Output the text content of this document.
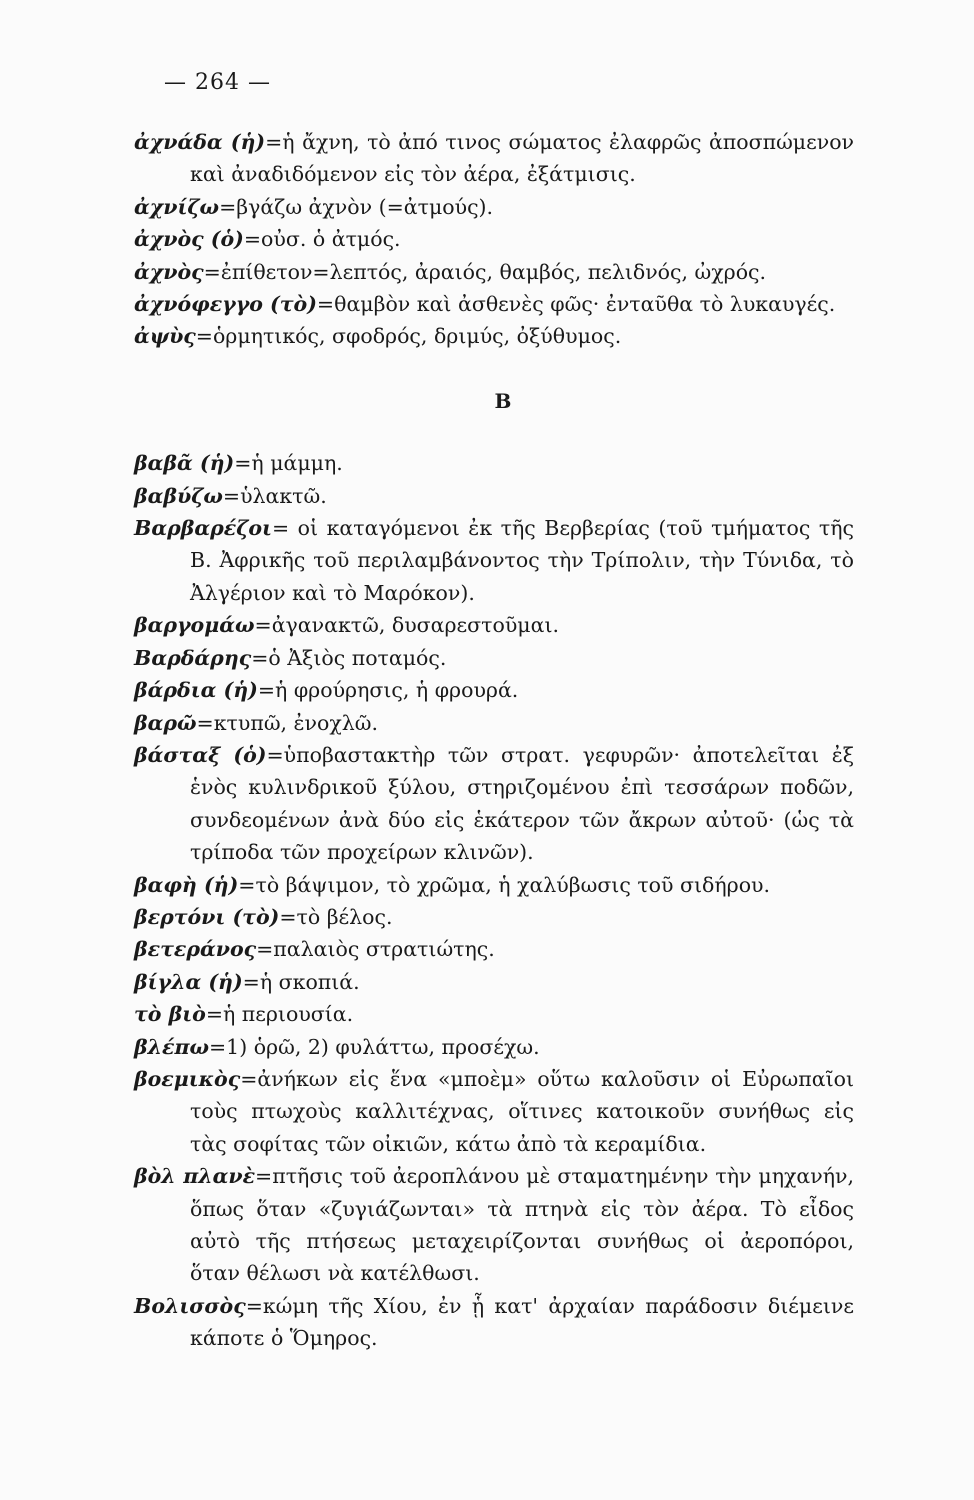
— 264 —
ἀχνάδα (ἡ)=ἡ ἄχνη, τὸ ἀπό τινος σώματος ἐλαφρῶς ἀποσπώμενον καὶ ἀναδιδόμενον εἰς τὸν ἀέρα, ἐξάτμισις.
ἀχνίζω=βγάζω ἀχνὸν (=ἀτμούς).
ἀχνὸς (ὁ)=οὐσ. ὁ ἀτμός.
ἀχνὸς=ἐπίθετον=λεπτός, ἀραιός, θαμβός, πελιδνός, ὠχρός.
ἀχνόφεγγο (τὸ)=θαμβὸν καὶ ἀσθενὲς φῶς· ἐνταῦθα τὸ λυκαυγές.
ἀψὺς=ὁρμητικός, σφοδρός, δριμύς, ὀξύθυμος.
B
βαβᾶ (ἡ)=ἡ μάμμη.
βαβύζω=ὑλακτῶ.
Βαρβαρέζοι= οἱ καταγόμενοι ἐκ τῆς Βερβερίας (τοῦ τμήματος τῆς Β. Ἀφρικῆς τοῦ περιλαμβάνοντος τὴν Τρίπολιν, τὴν Τύνιδα, τὸ Ἀλγέριον καὶ τὸ Μαρόκον).
βαργομάω=ἀγανακτῶ, δυσαρεστοῦμαι.
Βαρδάρης=ὁ Ἀξιὸς ποταμός.
βάρδια (ἡ)=ἡ φρούρησις, ἡ φρουρά.
βαρῶ=κτυπῶ, ἐνοχλῶ.
βάσταξ (ὁ)=ὑποβαστακτὴρ τῶν στρατ. γεφυρῶν· ἀποτελεῖται ἐξ ἑνὸς κυλινδρικοῦ ξύλου, στηριζομένου ἐπὶ τεσσάρων ποδῶν, συνδεομένων ἀνὰ δύο εἰς ἑκάτερον τῶν ἄκρων αὐτοῦ· (ὡς τὰ τρίποδα τῶν προχείρων κλινῶν).
βαφὴ (ἡ)=τὸ βάψιμον, τὸ χρῶμα, ἡ χαλύβωσις τοῦ σιδήρου.
βερτόνι (τὸ)=τὸ βέλος.
βετεράνος=παλαιὸς στρατιώτης.
βίγλα (ἡ)=ἡ σκοπιά.
τὸ βιὸ=ἡ περιουσία.
βλέπω=1) ὁρῶ, 2) φυλάττω, προσέχω.
βοεμικὸς=ἀνήκων εἰς ἕνα «μποὲμ» οὕτω καλοῦσιν οἱ Εὐρωπαῖοι τοὺς πτωχοὺς καλλιτέχνας, οἵτινες κατοικοῦν συνήθως εἰς τὰς σοφίτας τῶν οἰκιῶν, κάτω ἀπὸ τὰ κεραμίδια.
βὸλ πλανὲ=πτῆσις τοῦ ἀεροπλάνου μὲ σταματημένην τὴν μηχανήν, ὅπως ὅταν «ζυγιάζωνται» τὰ πτηνὰ εἰς τὸν ἀέρα. Τὸ εἶδος αὐτὸ τῆς πτήσεως μεταχειρίζονται συνήθως οἱ ἀεροπόροι, ὅταν θέλωσι νὰ κατέλθωσι.
Βολισσὸς=κώμη τῆς Χίου, ἐν ᾗ κατ' ἀρχαίαν παράδοσιν διέμεινε κάποτε ὁ Ὅμηρος.
